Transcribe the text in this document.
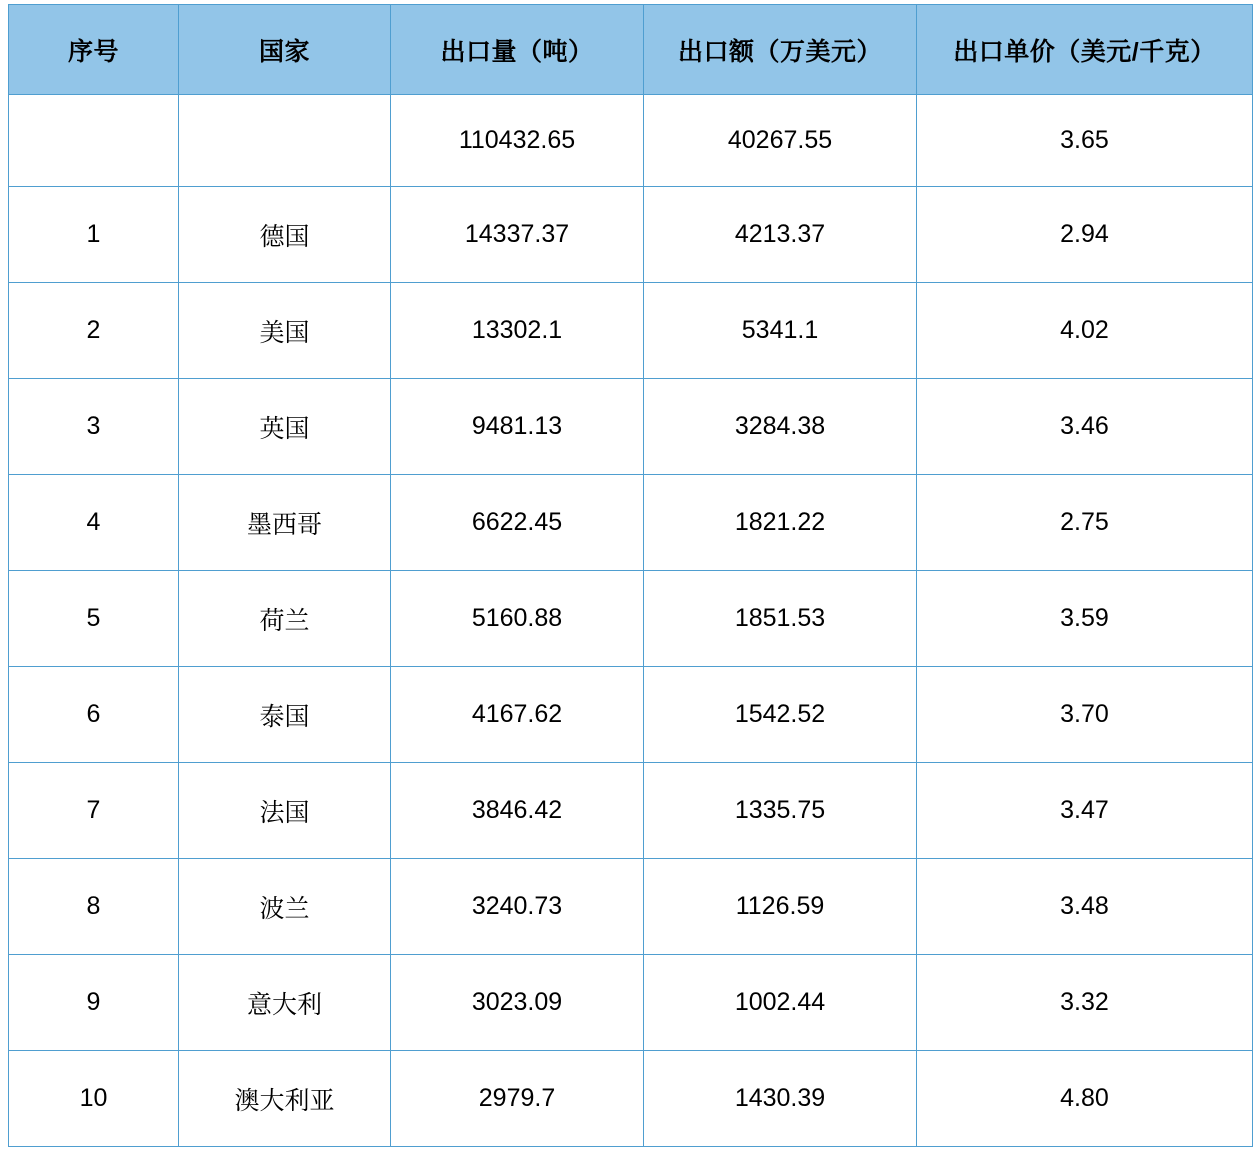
序号	国家	出口量（吨）	出口额（万美元）	出口单价（美元/千克）
		110432.65	40267.55	3.65
1	德国	14337.37	4213.37	2.94
2	美国	13302.1	5341.1	4.02
3	英国	9481.13	3284.38	3.46
4	墨西哥	6622.45	1821.22	2.75
5	荷兰	5160.88	1851.53	3.59
6	泰国	4167.62	1542.52	3.70
7	法国	3846.42	1335.75	3.47
8	波兰	3240.73	1126.59	3.48
9	意大利	3023.09	1002.44	3.32
10	澳大利亚	2979.7	1430.39	4.80
